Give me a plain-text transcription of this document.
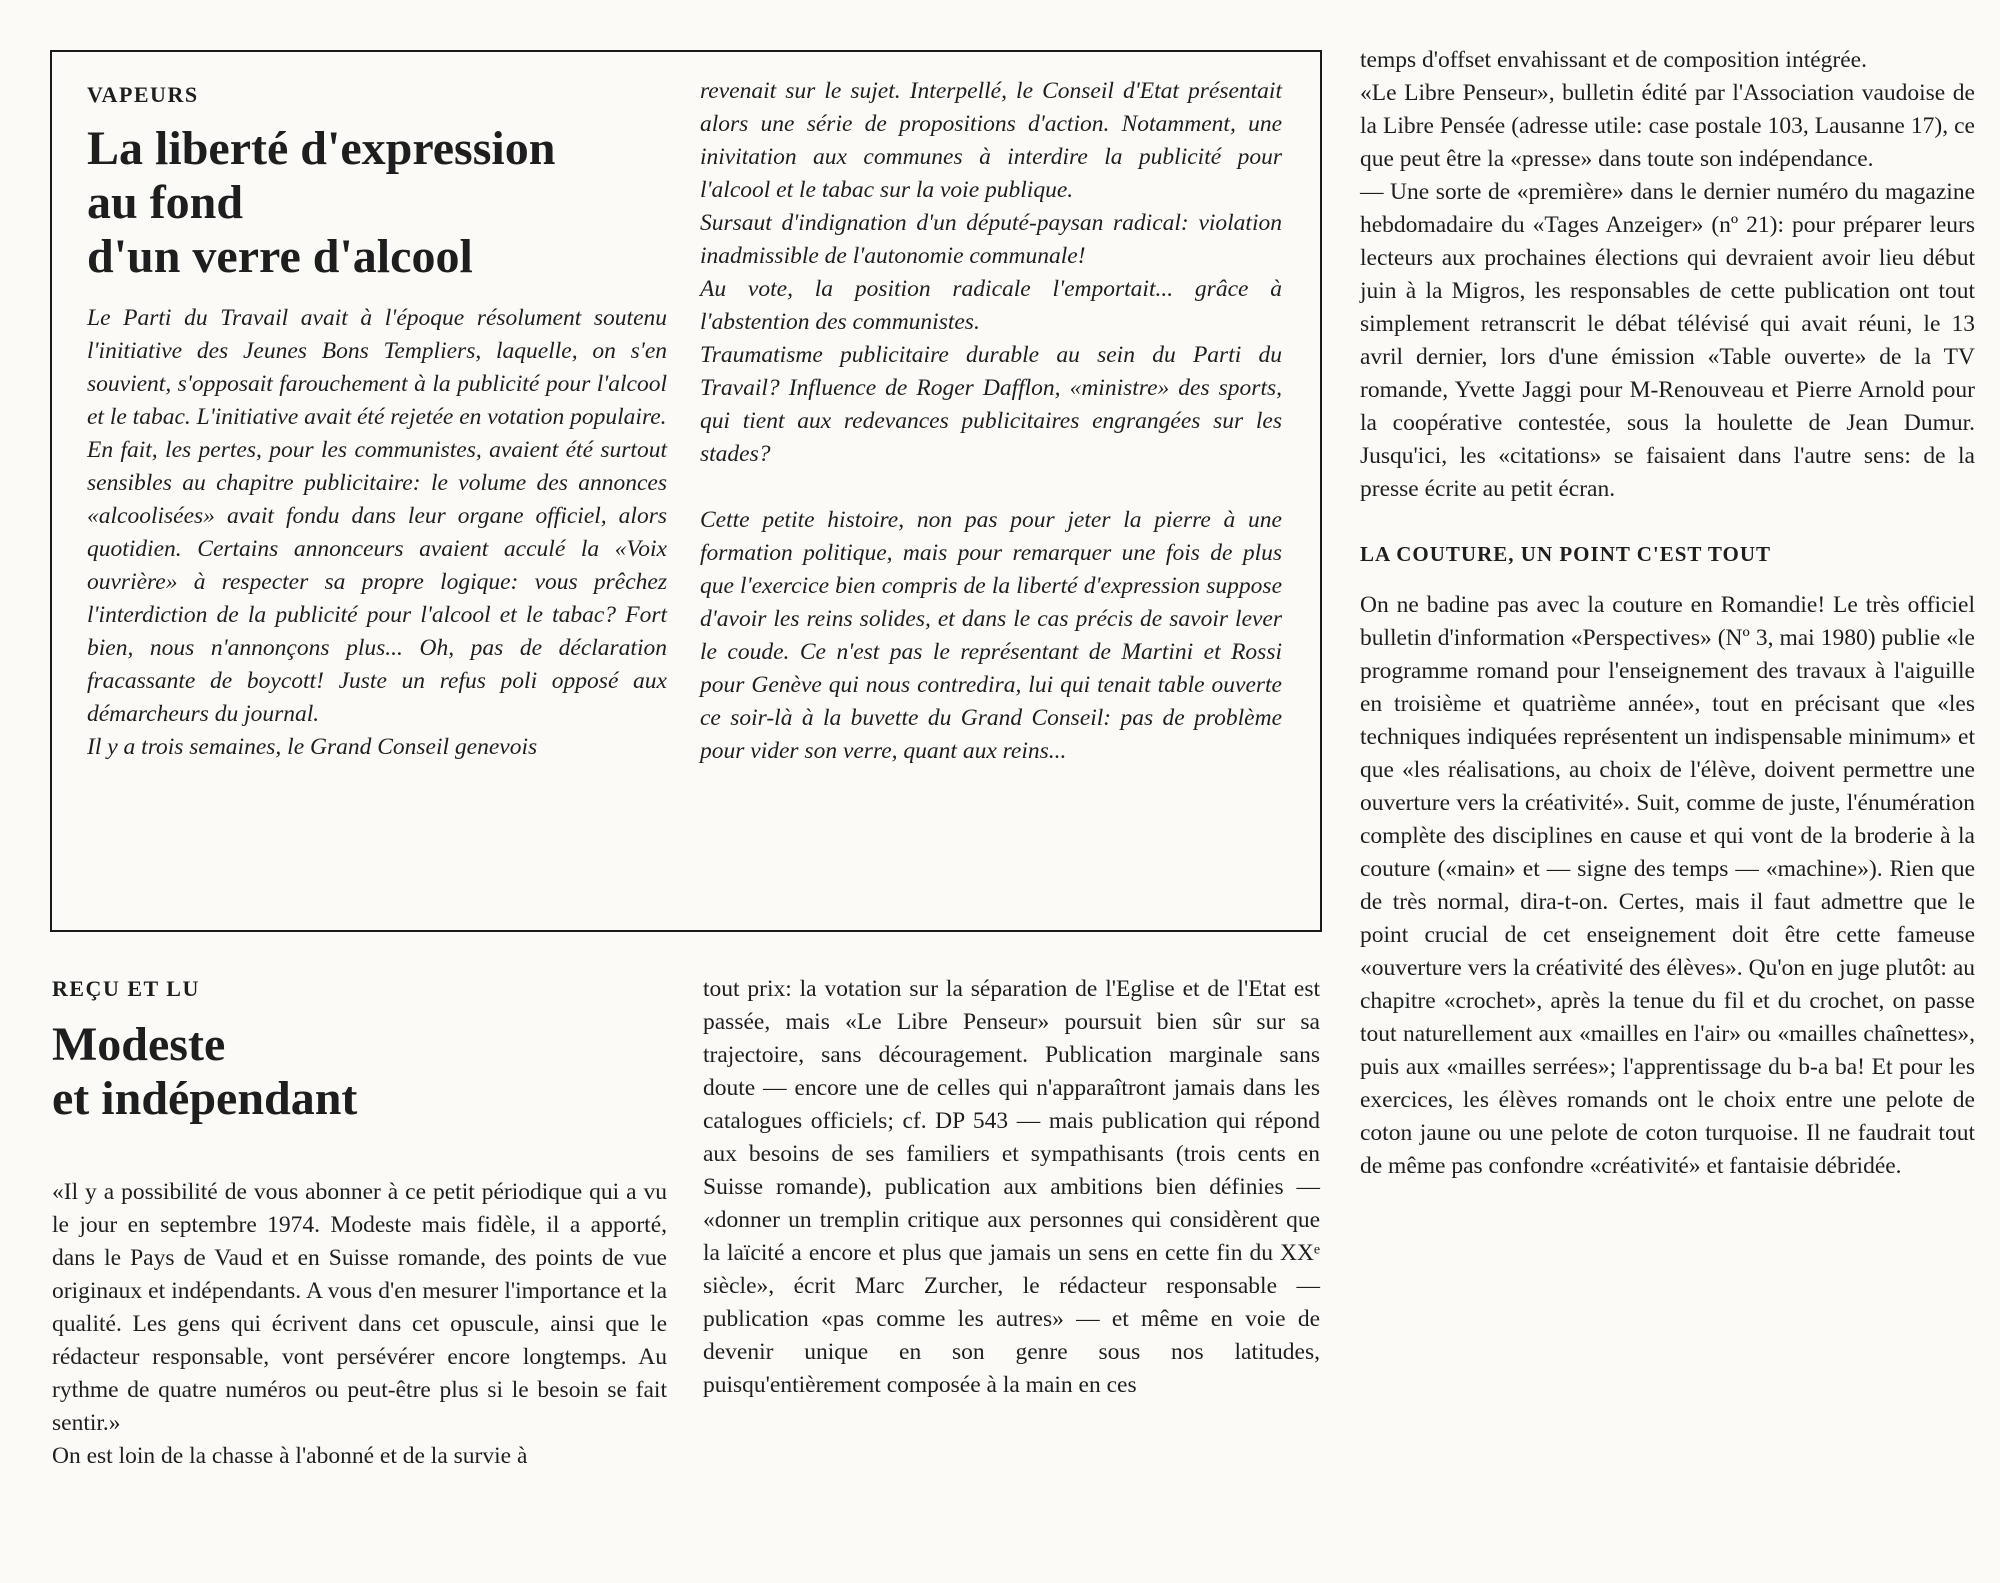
VAPEURS

La liberté d'expression
au fond
d'un verre d'alcool

Le Parti du Travail avait à l'époque résolument soutenu l'initiative des Jeunes Bons Templiers, laquelle, on s'en souvient, s'opposait farouchement à la publicité pour l'alcool et le tabac. L'initiative avait été rejetée en votation populaire.

En fait, les pertes, pour les communistes, avaient été surtout sensibles au chapitre publicitaire: le volume des annonces «alcoolisées» avait fondu dans leur organe officiel, alors quotidien. Certains annonceurs avaient acculé la «Voix ouvrière» à respecter sa propre logique: vous prêchez l'interdiction de la publicité pour l'alcool et le tabac? Fort bien, nous n'annonçons plus... Oh, pas de déclaration fracassante de boycott! Juste un refus poli opposé aux démarcheurs du journal.

Il y a trois semaines, le Grand Conseil genevois

revenait sur le sujet. Interpellé, le Conseil d'Etat présentait alors une série de propositions d'action. Notamment, une inivitation aux communes à interdire la publicité pour l'alcool et le tabac sur la voie publique.

Sursaut d'indignation d'un député-paysan radical: violation inadmissible de l'autonomie communale!

Au vote, la position radicale l'emportait... grâce à l'abstention des communistes.

Traumatisme publicitaire durable au sein du Parti du Travail? Influence de Roger Dafflon, «ministre» des sports, qui tient aux redevances publicitaires engrangées sur les stades?

Cette petite histoire, non pas pour jeter la pierre à une formation politique, mais pour remarquer une fois de plus que l'exercice bien compris de la liberté d'expression suppose d'avoir les reins solides, et dans le cas précis de savoir lever le coude. Ce n'est pas le représentant de Martini et Rossi pour Genève qui nous contredira, lui qui tenait table ouverte ce soir-là à la buvette du Grand Conseil: pas de problème pour vider son verre, quant aux reins...

REÇU ET LU

Modeste
et indépendant

«Il y a possibilité de vous abonner à ce petit périodique qui a vu le jour en septembre 1974. Modeste mais fidèle, il a apporté, dans le Pays de Vaud et en Suisse romande, des points de vue originaux et indépendants. A vous d'en mesurer l'importance et la qualité. Les gens qui écrivent dans cet opuscule, ainsi que le rédacteur responsable, vont persévérer encore longtemps. Au rythme de quatre numéros ou peut-être plus si le besoin se fait sentir.»

On est loin de la chasse à l'abonné et de la survie à

tout prix: la votation sur la séparation de l'Eglise et de l'Etat est passée, mais «Le Libre Penseur» poursuit bien sûr sur sa trajectoire, sans découragement. Publication marginale sans doute — encore une de celles qui n'apparaîtront jamais dans les catalogues officiels; cf. DP 543 — mais publication qui répond aux besoins de ses familiers et sympathisants (trois cents en Suisse romande), publication aux ambitions bien définies — «donner un tremplin critique aux personnes qui considèrent que la laïcité a encore et plus que jamais un sens en cette fin du XXᵉ siècle», écrit Marc Zurcher, le rédacteur responsable — publication «pas comme les autres» — et même en voie de devenir unique en son genre sous nos latitudes, puisqu'entièrement composée à la main en ces

temps d'offset envahissant et de composition intégrée.

«Le Libre Penseur», bulletin édité par l'Association vaudoise de la Libre Pensée (adresse utile: case postale 103, Lausanne 17), ce que peut être la «presse» dans toute son indépendance.

— Une sorte de «première» dans le dernier numéro du magazine hebdomadaire du «Tages Anzeiger» (nº 21): pour préparer leurs lecteurs aux prochaines élections qui devraient avoir lieu début juin à la Migros, les responsables de cette publication ont tout simplement retranscrit le débat télévisé qui avait réuni, le 13 avril dernier, lors d'une émission «Table ouverte» de la TV romande, Yvette Jaggi pour M-Renouveau et Pierre Arnold pour la coopérative contestée, sous la houlette de Jean Dumur. Jusqu'ici, les «citations» se faisaient dans l'autre sens: de la presse écrite au petit écran.

LA COUTURE, UN POINT C'EST TOUT

On ne badine pas avec la couture en Romandie! Le très officiel bulletin d'information «Perspectives» (Nº 3, mai 1980) publie «le programme romand pour l'enseignement des travaux à l'aiguille en troisième et quatrième année», tout en précisant que «les techniques indiquées représentent un indispensable minimum» et que «les réalisations, au choix de l'élève, doivent permettre une ouverture vers la créativité». Suit, comme de juste, l'énumération complète des disciplines en cause et qui vont de la broderie à la couture («main» et — signe des temps — «machine»). Rien que de très normal, dira-t-on. Certes, mais il faut admettre que le point crucial de cet enseignement doit être cette fameuse «ouverture vers la créativité des élèves». Qu'on en juge plutôt: au chapitre «crochet», après la tenue du fil et du crochet, on passe tout naturellement aux «mailles en l'air» ou «mailles chaînettes», puis aux «mailles serrées»; l'apprentissage du b-a ba! Et pour les exercices, les élèves romands ont le choix entre une pelote de coton jaune ou une pelote de coton turquoise. Il ne faudrait tout de même pas confondre «créativité» et fantaisie débridée.
